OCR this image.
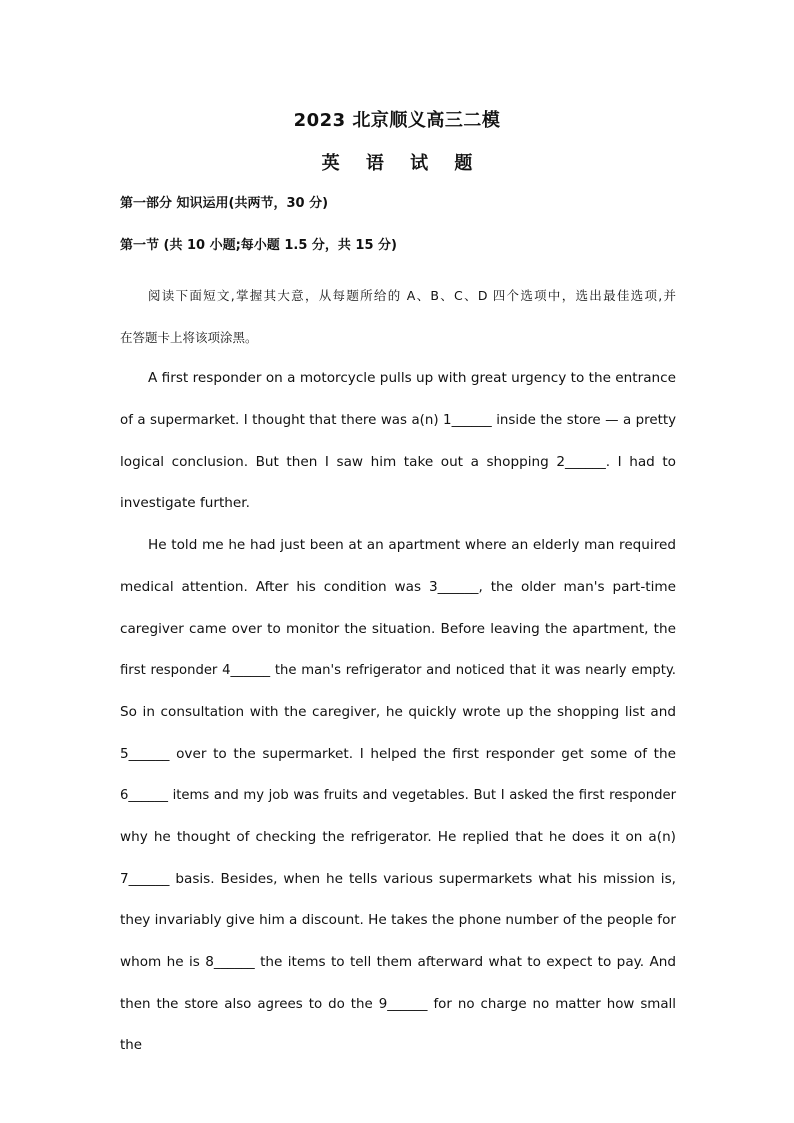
2023 北京顺义高三二模
英 语 试 题
第一部分 知识运用(共两节，30 分)
第一节 (共 10 小题;每小题 1.5 分，共 15 分)
阅读下面短文,掌握其大意，从每题所给的 A、B、C、D 四个选项中，选出最佳选项,并
在答题卡上将该项涂黑。
A first responder on a motorcycle pulls up with great urgency to the entrance
of a supermarket. I thought that there was a(n) 1______ inside the store — a pretty
logical conclusion. But then I saw him take out a shopping 2______. I had to
investigate further.
He told me he had just been at an apartment where an elderly man required
medical attention. After his condition was 3______, the older man's part-time
caregiver came over to monitor the situation. Before leaving the apartment, the
first responder 4______ the man's refrigerator and noticed that it was nearly empty.
So in consultation with the caregiver, he quickly wrote up the shopping list and
5______ over to the supermarket. I helped the first responder get some of the
6______ items and my job was fruits and vegetables. But I asked the first responder
why he thought of checking the refrigerator. He replied that he does it on a(n)
7______ basis. Besides, when he tells various supermarkets what his mission is,
they invariably give him a discount. He takes the phone number of the people for
whom he is 8______ the items to tell them afterward what to expect to pay. And
then the store also agrees to do the 9______ for no charge no matter how small the
